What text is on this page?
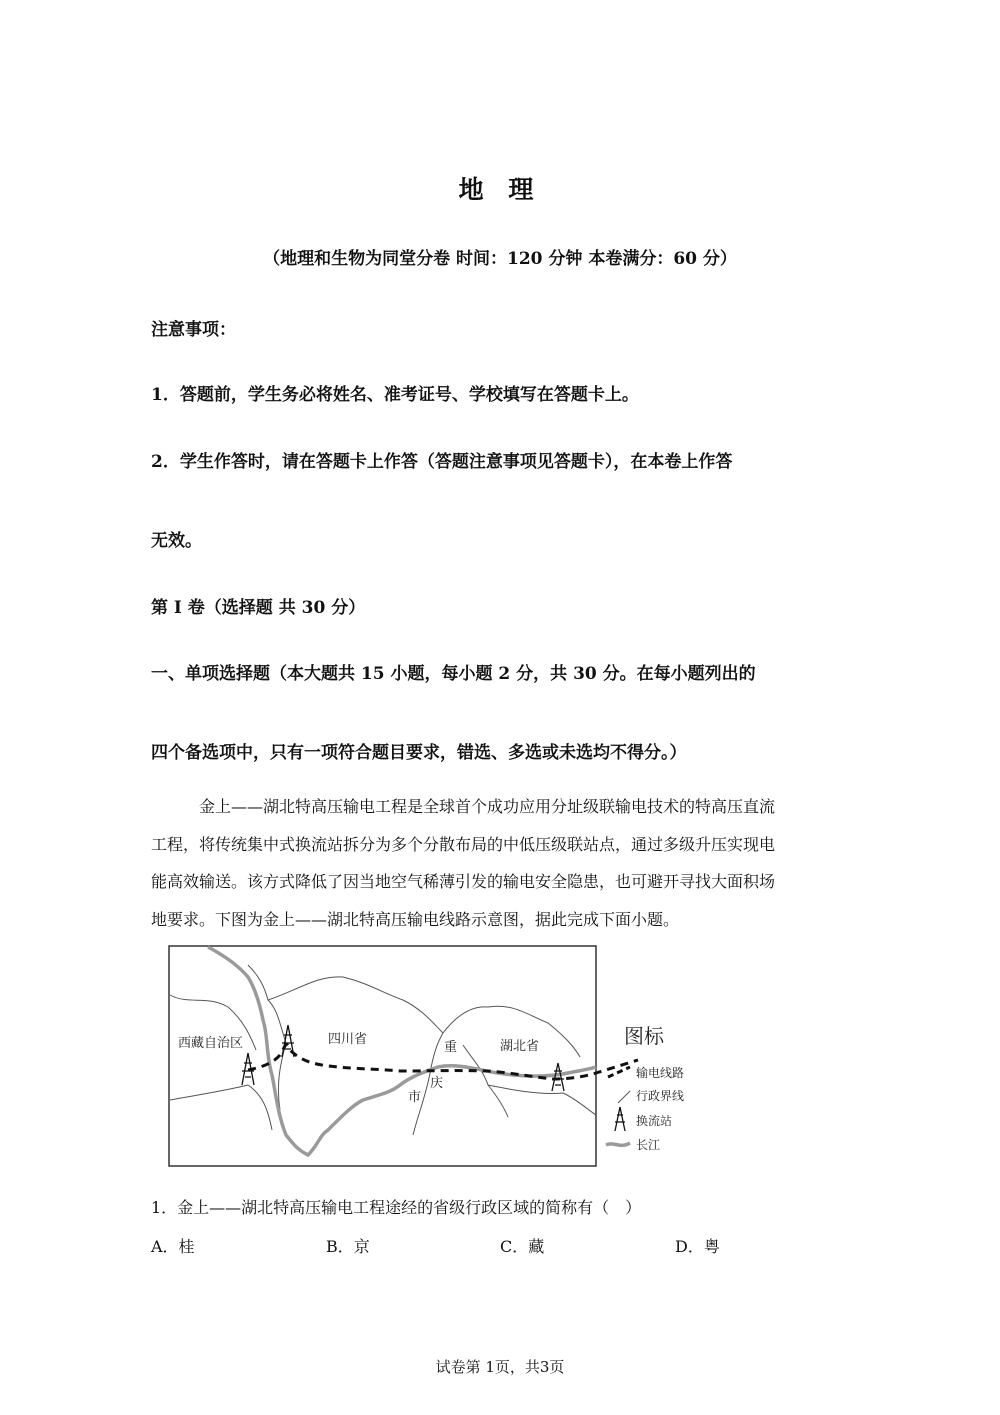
地 理
（地理和生物为同堂分卷 时间：120 分钟 本卷满分：60 分）
注意事项：
1．答题前，学生务必将姓名、准考证号、学校填写在答题卡上。
2．学生作答时，请在答题卡上作答（答题注意事项见答题卡），在本卷上作答
无效。
第 I 卷（选择题 共 30 分）
一、单项选择题（本大题共 15 小题，每小题 2 分，共 30 分。在每小题列出的
四个备选项中，只有一项符合题目要求，错选、多选或未选均不得分。）
金上——湖北特高压输电工程是全球首个成功应用分址级联输电技术的特高压直流
工程，将传统集中式换流站拆分为多个分散布局的中低压级联站点，通过多级升压实现电
能高效输送。该方式降低了因当地空气稀薄引发的输电安全隐患，也可避开寻找大面积场
地要求。下图为金上——湖北特高压输电线路示意图，据此完成下面小题。
西藏自治区	四川省
重
庆
市
湖北省	图标
输电线路
行政界线
换流站
长江
1．金上——湖北特高压输电工程途经的省级行政区域的简称有（　）
A．桂	B．京	C．藏	D．粤
试卷第 1页，共3页
